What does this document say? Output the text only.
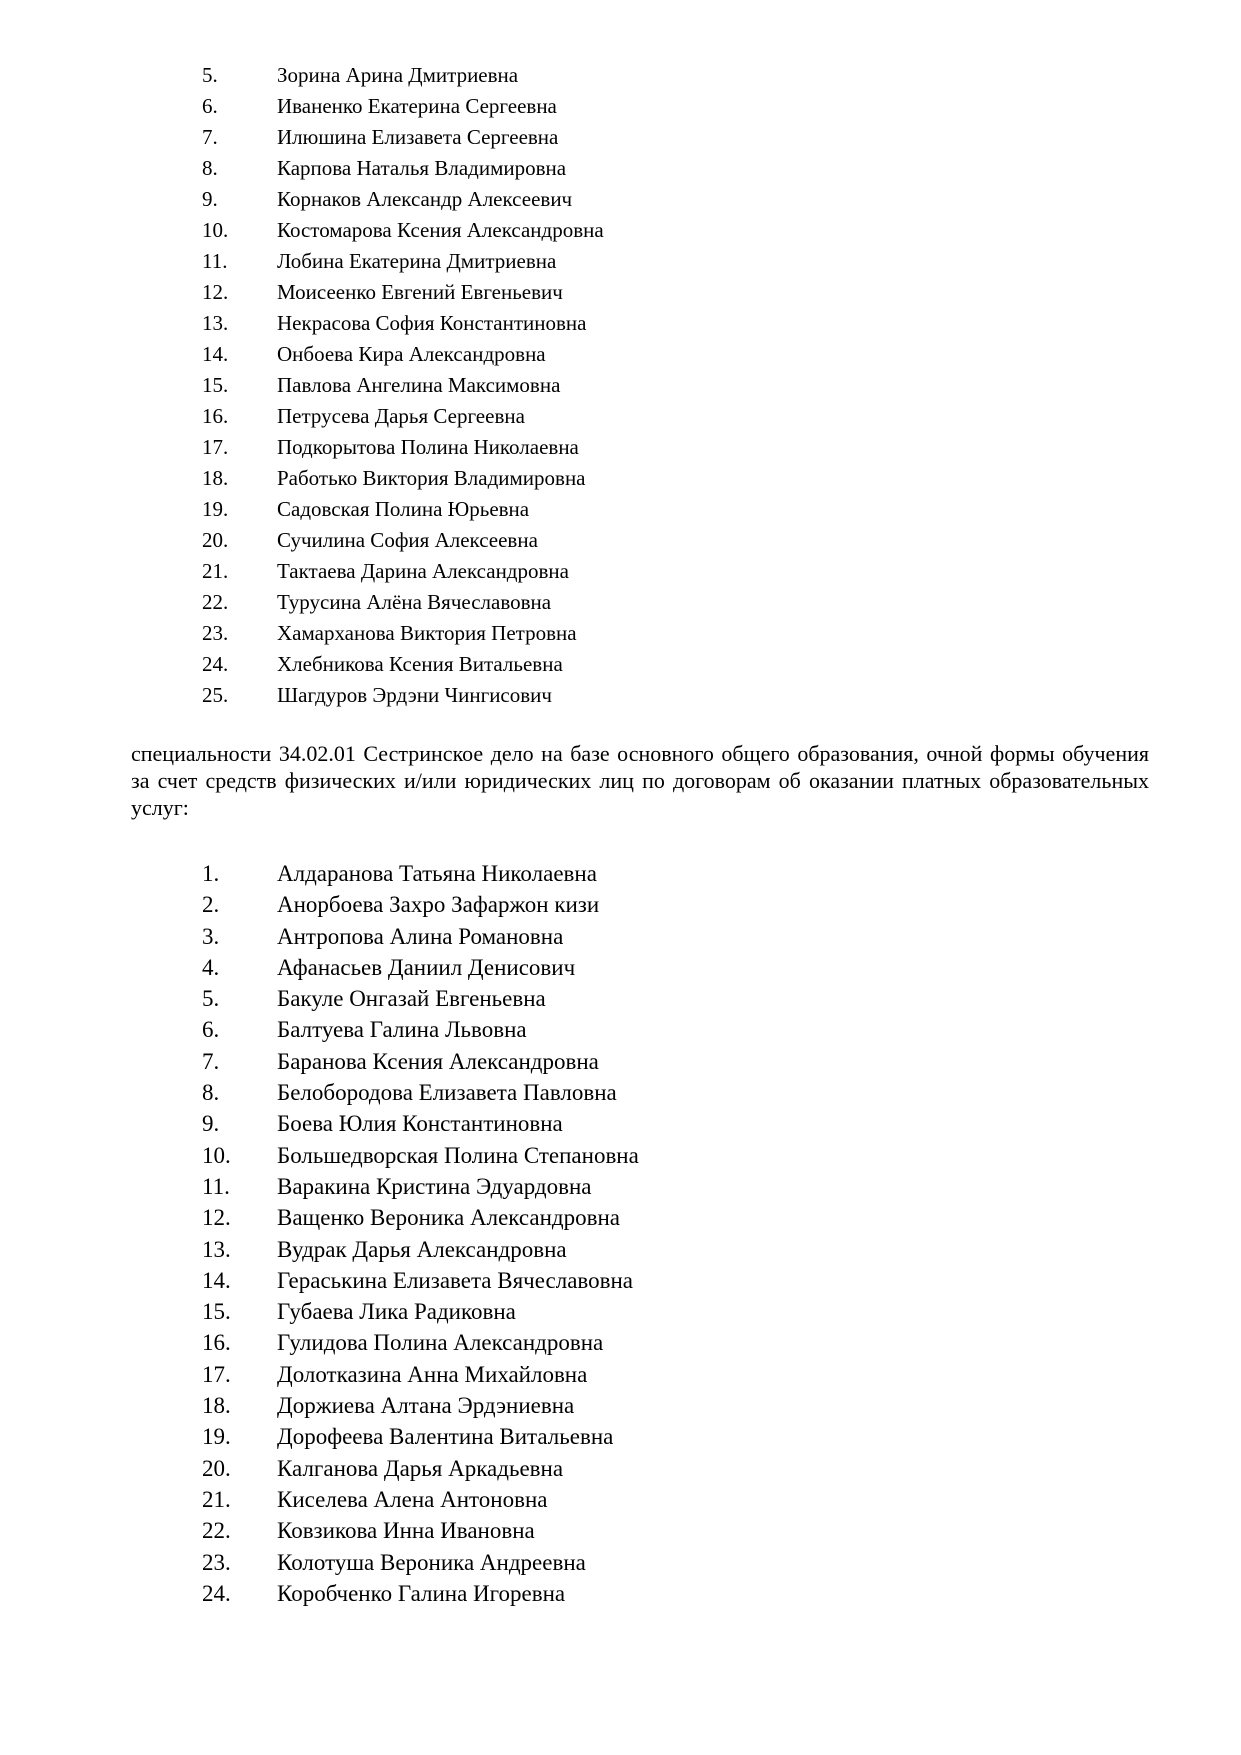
5.	Зорина Арина Дмитриевна
6.	Иваненко Екатерина Сергеевна
7.	Илюшина Елизавета Сергеевна
8.	Карпова Наталья Владимировна
9.	Корнаков Александр Алексеевич
10. Костомарова Ксения Александровна
11. Лобина Екатерина Дмитриевна
12. Моисеенко Евгений Евгеньевич
13. Некрасова София Константиновна
14. Онбоева Кира Александровна
15. Павлова Ангелина Максимовна
16. Петрусева Дарья Сергеевна
17. Подкорытова Полина Николаевна
18. Работько Виктория Владимировна
19. Садовская Полина Юрьевна
20. Сучилина София Алексеевна
21. Тактаева Дарина Александровна
22. Турусина Алёна Вячеславовна
23. Хамарханова Виктория Петровна
24. Хлебникова Ксения Витальевна
25. Шагдуров Эрдэни Чингисович

специальности 34.02.01 Сестринское дело на базе основного общего образования, очной формы обучения за счет средств физических и/или юридических лиц по договорам об оказании платных образовательных услуг:

1.	Алдаранова Татьяна Николаевна
2.	Анорбоева Захро Зафаржон кизи
3.	Антропова Алина Романовна
4.	Афанасьев Даниил Денисович
5.	Бакуле Онгазай Евгеньевна
6.	Балтуева Галина Львовна
7.	Баранова Ксения Александровна
8.	Белобородова Елизавета Павловна
9.	Боева Юлия Константиновна
10. Большедворская Полина Степановна
11. Варакина Кристина Эдуардовна
12. Ващенко Вероника Александровна
13. Вудрак Дарья Александровна
14. Гераськина Елизавета Вячеславовна
15. Губаева Лика Радиковна
16. Гулидова Полина Александровна
17. Долотказина Анна Михайловна
18. Доржиева Алтана Эрдэниевна
19. Дорофеева Валентина Витальевна
20. Калганова Дарья Аркадьевна
21. Киселева Алена Антоновна
22. Ковзикова Инна Ивановна
23. Колотуша Вероника Андреевна
24. Коробченко Галина Игоревна
